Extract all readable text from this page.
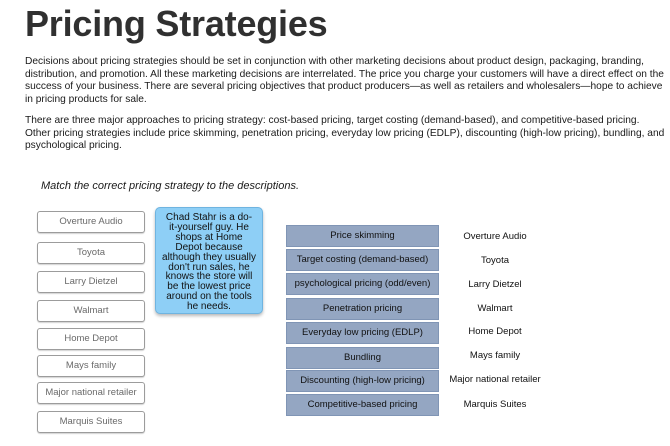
Pricing Strategies

Decisions about pricing strategies should be set in conjunction with other marketing decisions about product design, packaging, branding, distribution, and promotion. All these marketing decisions are interrelated. The price you charge your customers will have a direct effect on the success of your business. There are several pricing objectives that product producers—as well as retailers and wholesalers—hope to achieve in pricing products for sale.

There are three major approaches to pricing strategy: cost-based pricing, target costing (demand-based), and competitive-based pricing. Other pricing strategies include price skimming, penetration pricing, everyday low pricing (EDLP), discounting (high-low pricing), bundling, and psychological pricing.

Match the correct pricing strategy to the descriptions.

Overture Audio
Toyota
Larry Dietzel
Walmart
Home Depot
Mays family
Major national retailer
Marquis Suites
Chad Stahr is a do-it-yourself guy. He shops at Home Depot because although they usually don't run sales, he knows the store will be the lowest price around on the tools he needs.
Price skimming
Target costing (demand-based)
psychological pricing (odd/even)
Penetration pricing
Everyday low pricing (EDLP)
Bundling
Discounting (high-low pricing)
Competitive-based pricing
Overture Audio
Toyota
Larry Dietzel
Walmart
Home Depot
Mays family
Major national retailer
Marquis Suites
